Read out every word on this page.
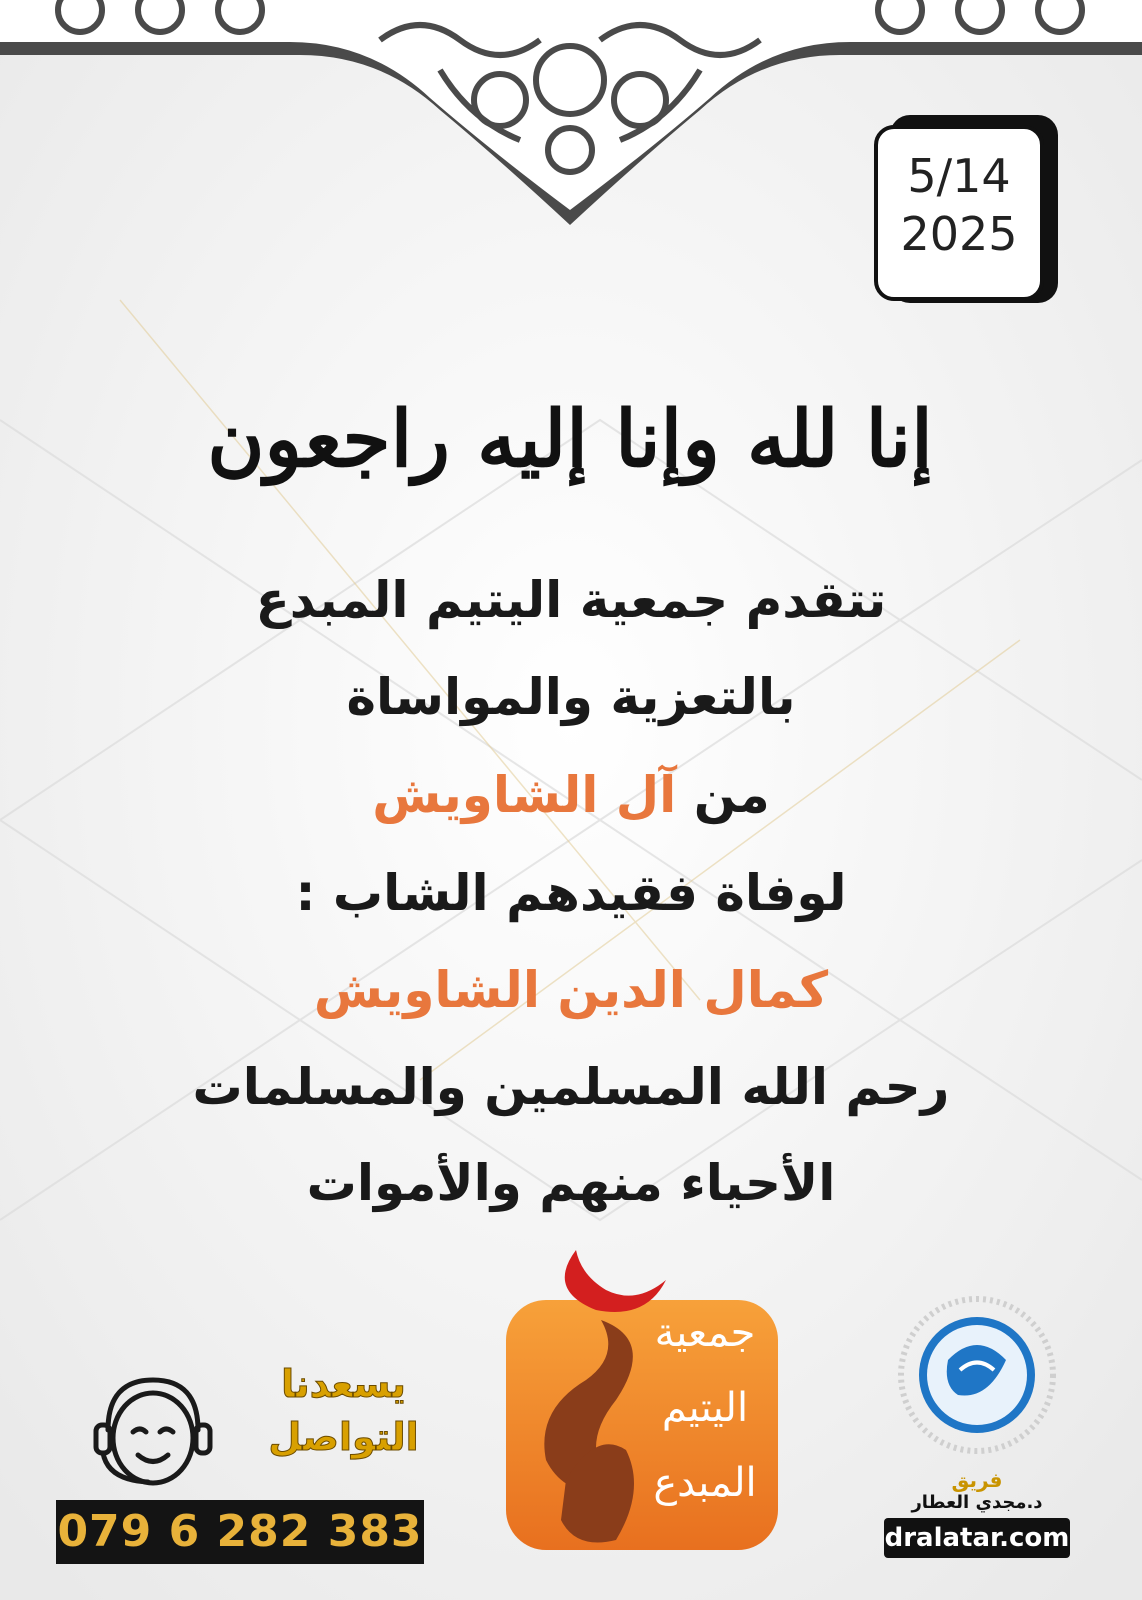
5/14
2025
إنا لله وإنا إليه راجعون
تتقدم جمعية اليتيم المبدع
بالتعزية والمواساة
من آل الشاويش
لوفاة فقيدهم الشاب :
كمال الدين الشاويش
رحم الله المسلمين والمسلمات
الأحياء منهم والأموات
جمعية
اليتيم
المبدع
يسعدنا
التواصل
079 6 282 383
فريق
د.مجدي العطار
dralatar.com
